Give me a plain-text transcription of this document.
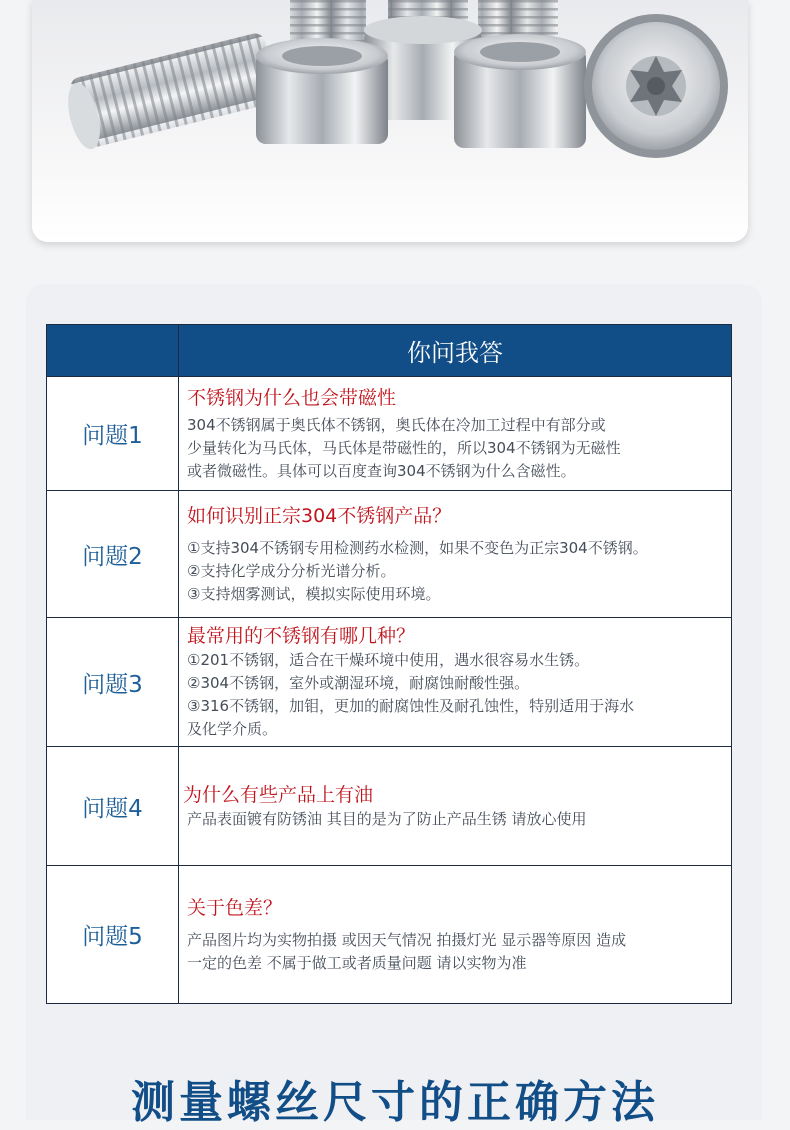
	你问我答
问题1	不锈钢为什么也会带磁性

304不锈钢属于奥氏体不锈钢，奥氏体在冷加工过程中有部分或

少量转化为马氏体，马氏体是带磁性的，所以304不锈钢为无磁性

或者微磁性。具体可以百度查询304不锈钢为什么含磁性。

问题2	如何识别正宗304不锈钢产品？

①支持304不锈钢专用检测药水检测，如果不变色为正宗304不锈钢。

②支持化学成分分析光谱分析。

③支持烟雾测试，模拟实际使用环境。

问题3	最常用的不锈钢有哪几种？

①201不锈钢，适合在干燥环境中使用，遇水很容易水生锈。

②304不锈钢，室外或潮湿环境，耐腐蚀耐酸性强。

③316不锈钢，加钼，更加的耐腐蚀性及耐孔蚀性，特别适用于海水

及化学介质。

问题4	为什么有些产品上有油

产品表面镀有防锈油 其目的是为了防止产品生锈 请放心使用

问题5	关于色差？

产品图片均为实物拍摄 或因天气情况 拍摄灯光 显示器等原因 造成

一定的色差 不属于做工或者质量问题 请以实物为准

测量螺丝尺寸的正确方法
